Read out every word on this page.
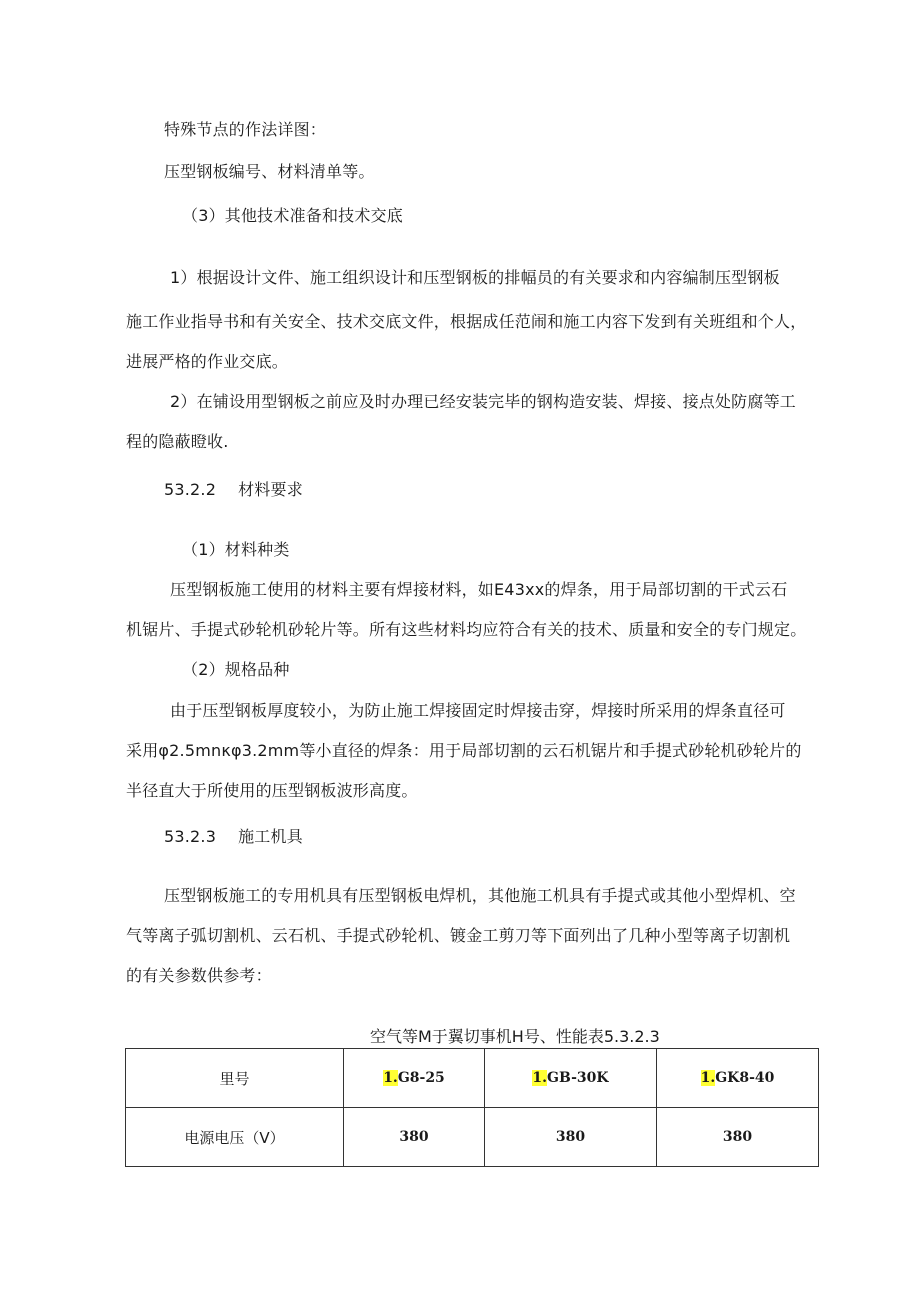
特殊节点的作法详图：
压型钢板编号、材料清单等。
（3）其他技术准备和技术交底
1）根据设计文件、施工组织设计和压型钢板的排幅员的有关要求和内容编制压型钢板
施工作业指导书和有关安全、技术交底文件，根据成任范闹和施工内容下发到有关班组和个人，
进展严格的作业交底。
2）在铺设用型钢板之前应及时办理已经安装完毕的钢构造安装、焊接、接点处防腐等工
程的隐蔽瞪收.
53.2.2 材料要求
（1）材料种类
压型钢板施工使用的材料主要有焊接材料，如E43xx的焊条，用于局部切割的干式云石
机锯片、手提式砂轮机砂轮片等。所有这些材料均应符合有关的技术、质量和安全的专门规定。
（2）规格品种
由于压型钢板厚度较小，为防止施工焊接固定时焊接击穿，焊接时所采用的焊条直径可
采用φ2.5mnκφ3.2mm等小直径的焊条：用于局部切割的云石机锯片和手提式砂轮机砂轮片的
半径直大于所使用的压型钢板波形高度。
53.2.3 施工机具
压型钢板施工的专用机具有压型钢板电焊机，其他施工机具有手提式或其他小型焊机、空
气等离子弧切割机、云石机、手提式砂轮机、镀金工剪刀等下面列出了几种小型等离子切割机
的有关参数供参考：
空气等M于翼切事机H号、性能表5.3.2.3
里号	1.G8-25	1.GB-30K	1.GK8-40
电源电压（V）	380	380	380
